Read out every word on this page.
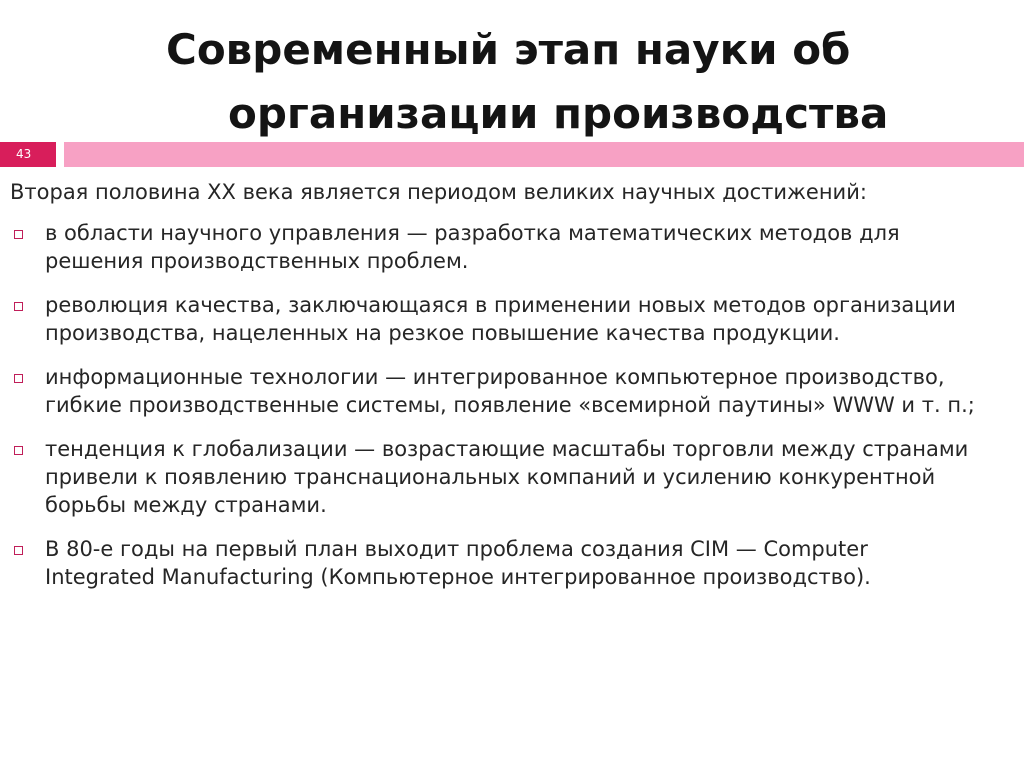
Современный этап науки об
организации производства
43
Вторая половина XX века является периодом великих научных достижений:
в области научного управления — разработка математических методов для решения производственных проблем.
революция качества, заключающаяся в применении новых методов организации производства, нацеленных на резкое повышение качества продукции.
информационные технологии — интегрированное компьютерное производство, гибкие производственные системы, появление «всемирной паутины» WWW и т. п.;
тенденция к глобализации — возрастающие масштабы торговли между странами привели к появлению транснациональных компаний и усилению конкурентной борьбы между странами.
В 80-е годы на первый план выходит проблема создания CIM — Computer Integrated Manufacturing (Компьютерное интегрированное производство).
